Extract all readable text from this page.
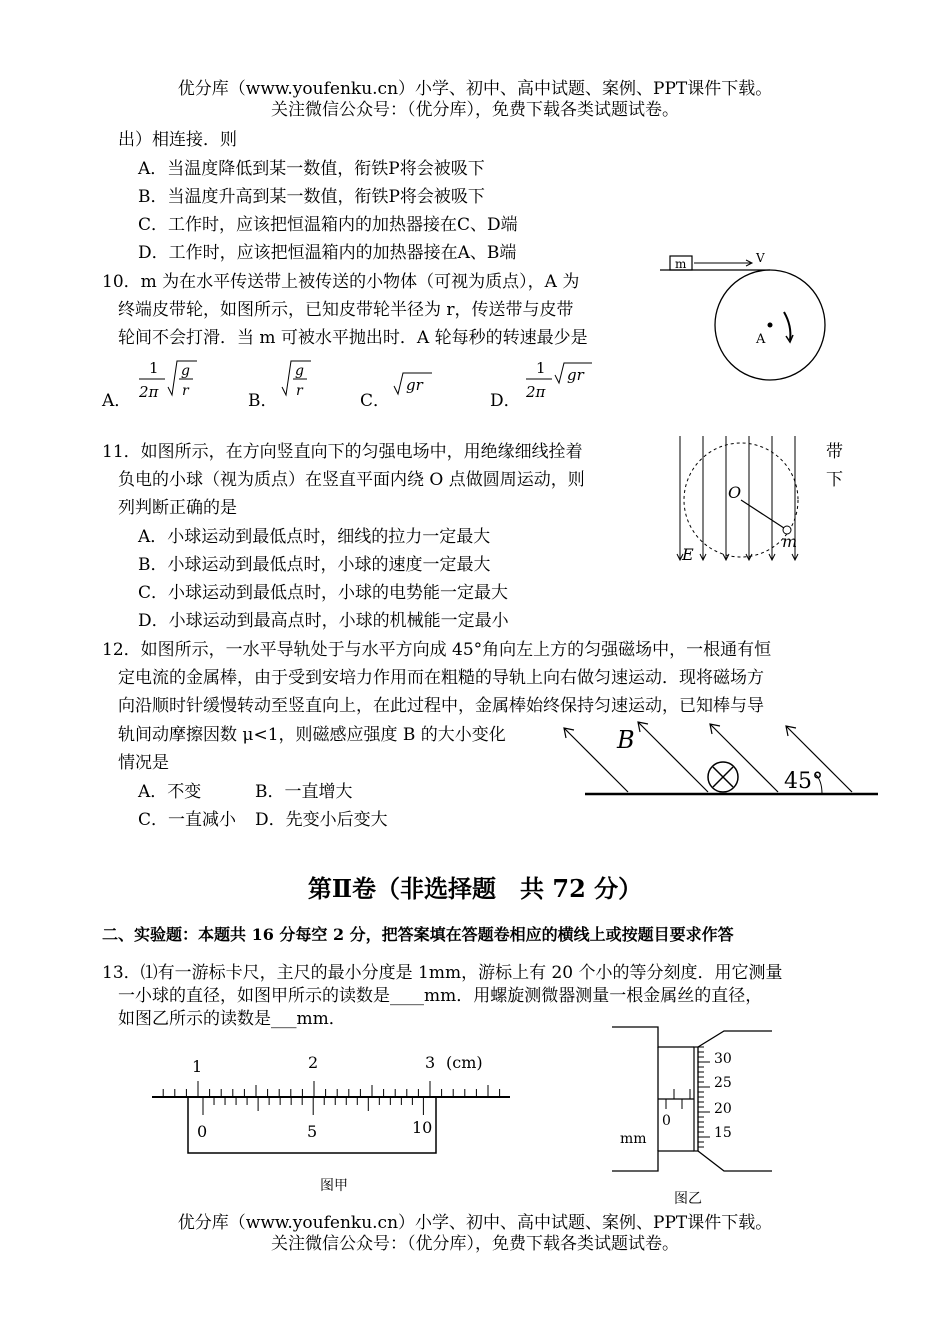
优分库（www.youfenku.cn）小学、初中、高中试题、案例、PPT课件下载。
关注微信公众号：（优分库），免费下载各类试题试卷。
出）相连接．则
A．当温度降低到某一数值，衔铁P将会被吸下
B．当温度升高到某一数值，衔铁P将会被吸下
C．工作时，应该把恒温箱内的加热器接在C、D端
D．工作时，应该把恒温箱内的加热器接在A、B端
10．m 为在水平传送带上被传送的小物体（可视为质点），A 为
终端皮带轮，如图所示，已知皮带轮半径为 r，传送带与皮带
轮间不会打滑．当 m 可被水平抛出时．A 轮每秒的转速最少是
A．
1
2π
g
r	B．
g
r	C．
gr
D．
1
2π
gr
m	V
A
11．如图所示，在方向竖直向下的匀强电场中，用绝缘细线拴着
负电的小球（视为质点）在竖直平面内绕 O 点做圆周运动，则
列判断正确的是
带
下
A．小球运动到最低点时，细线的拉力一定最大
B．小球运动到最低点时，小球的速度一定最大
C．小球运动到最低点时，小球的电势能一定最大
D．小球运动到最高点时，小球的机械能一定最小
O
m
E
12．如图所示，一水平导轨处于与水平方向成 45°角向左上方的匀强磁场中，一根通有恒
定电流的金属棒，由于受到安培力作用而在粗糙的导轨上向右做匀速运动．现将磁场方
向沿顺时针缓慢转动至竖直向上，在此过程中，金属棒始终保持匀速运动，已知棒与导
轨间动摩擦因数 μ<1，则磁感应强度 B 的大小变化
情况是
A．不变	B．一直增大
C．一直减小 D．先变小后变大
B
45°
第Ⅱ卷（非选择题　共 72 分）
二、实验题：本题共 16 分每空 2 分，把答案填在答题卷相应的横线上或按题目要求作答
13．⑴有一游标卡尺，主尺的最小分度是 1mm，游标上有 20 个小的等分刻度．用它测量
一小球的直径，如图甲所示的读数是____mm．用螺旋测微器测量一根金属丝的直径，
如图乙所示的读数是___mm．
1	2	3 (cm)
0	5	10
图甲
0
mm
30
25
20
15
图乙
优分库（www.youfenku.cn）小学、初中、高中试题、案例、PPT课件下载。
关注微信公众号：（优分库），免费下载各类试题试卷。
